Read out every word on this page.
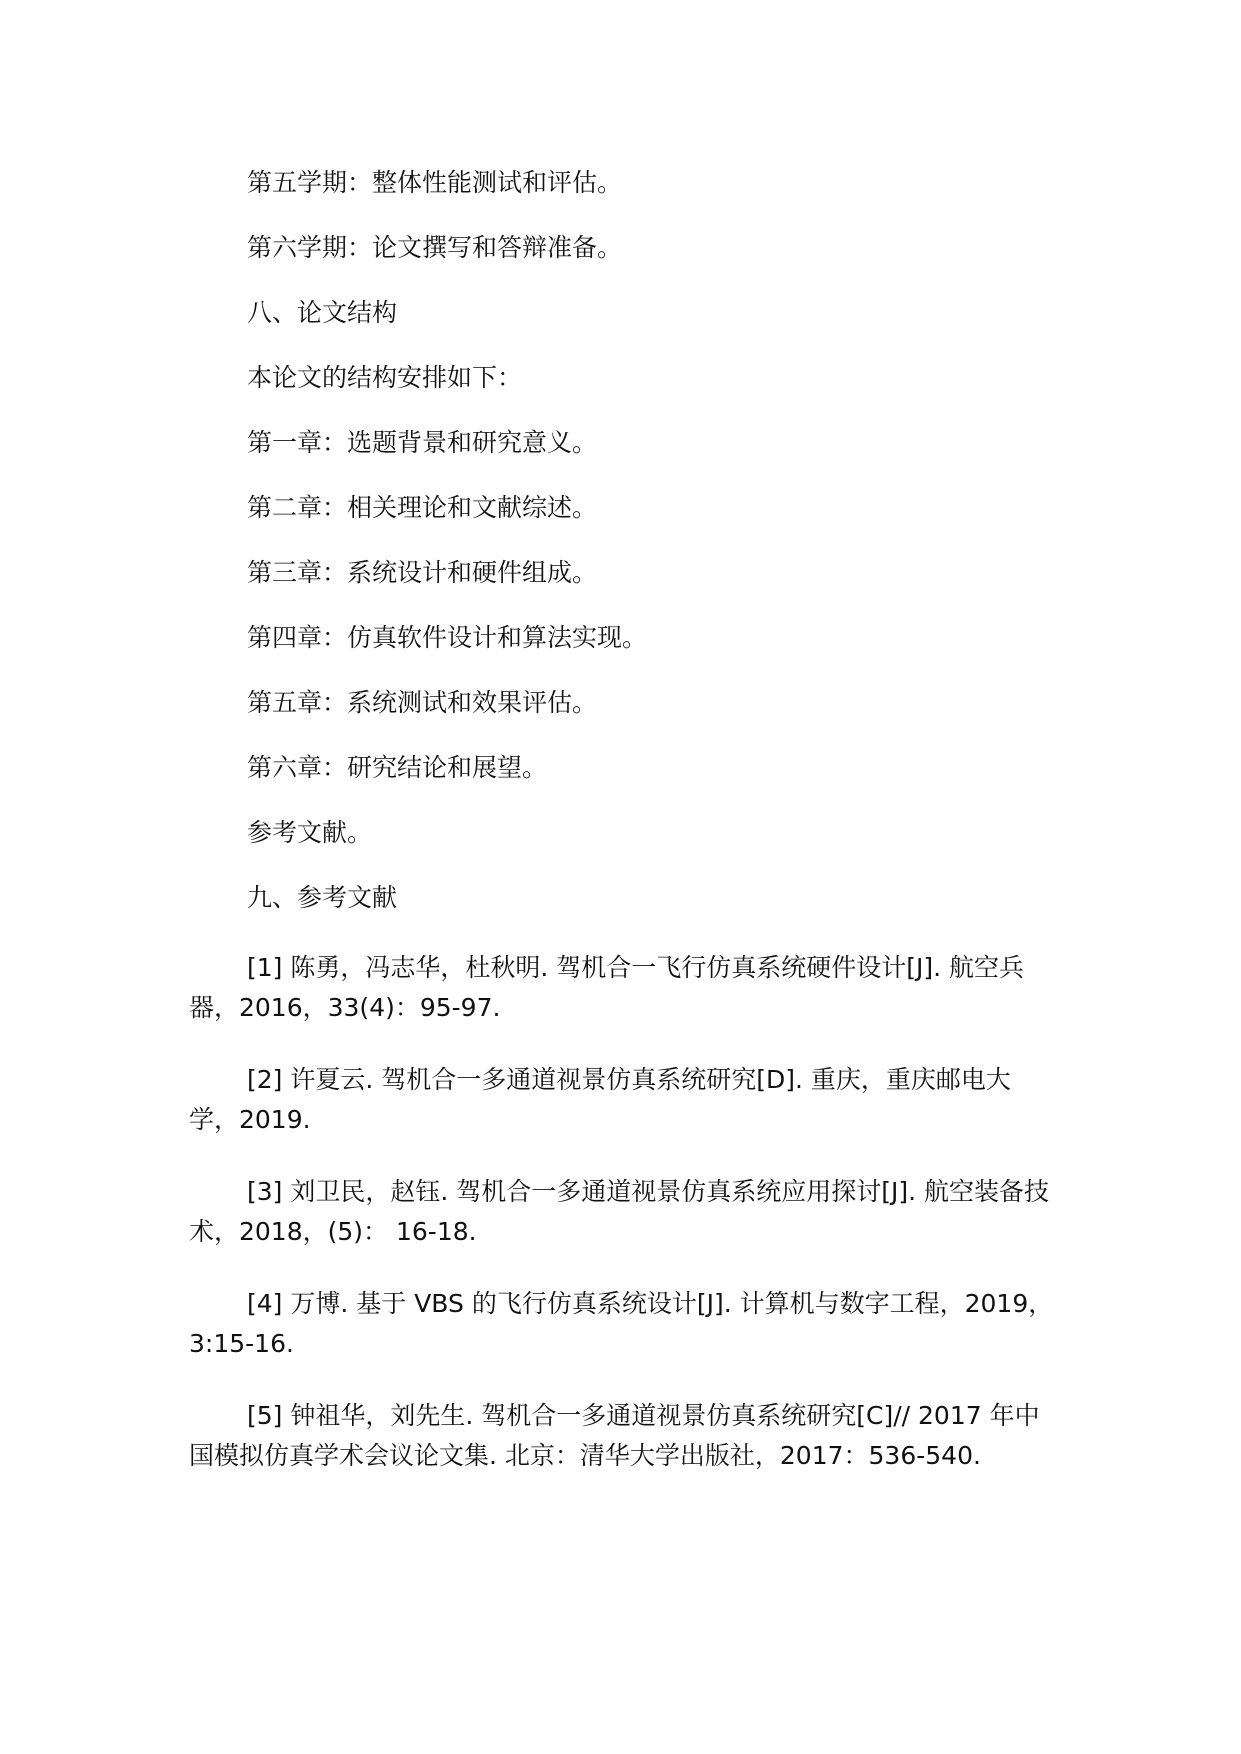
第五学期：整体性能测试和评估。

第六学期：论文撰写和答辩准备。

八、论文结构

本论文的结构安排如下：

第一章：选题背景和研究意义。

第二章：相关理论和文献综述。

第三章：系统设计和硬件组成。

第四章：仿真软件设计和算法实现。

第五章：系统测试和效果评估。

第六章：研究结论和展望。

参考文献。

九、参考文献

[1] 陈勇，冯志华，杜秋明. 驾机合一飞行仿真系统硬件设计[J]. 航空兵器，2016，33(4)：95-97.

[2] 许夏云. 驾机合一多通道视景仿真系统研究[D]. 重庆，重庆邮电大学，2019.

[3] 刘卫民，赵钰. 驾机合一多通道视景仿真系统应用探讨[J]. 航空装备技术，2018，(5)： 16-18.

[4] 万博. 基于 VBS 的飞行仿真系统设计[J]. 计算机与数字工程，2019，3:15-16.

[5] 钟祖华，刘先生. 驾机合一多通道视景仿真系统研究[C]// 2017 年中国模拟仿真学术会议论文集. 北京：清华大学出版社，2017：536-540.
